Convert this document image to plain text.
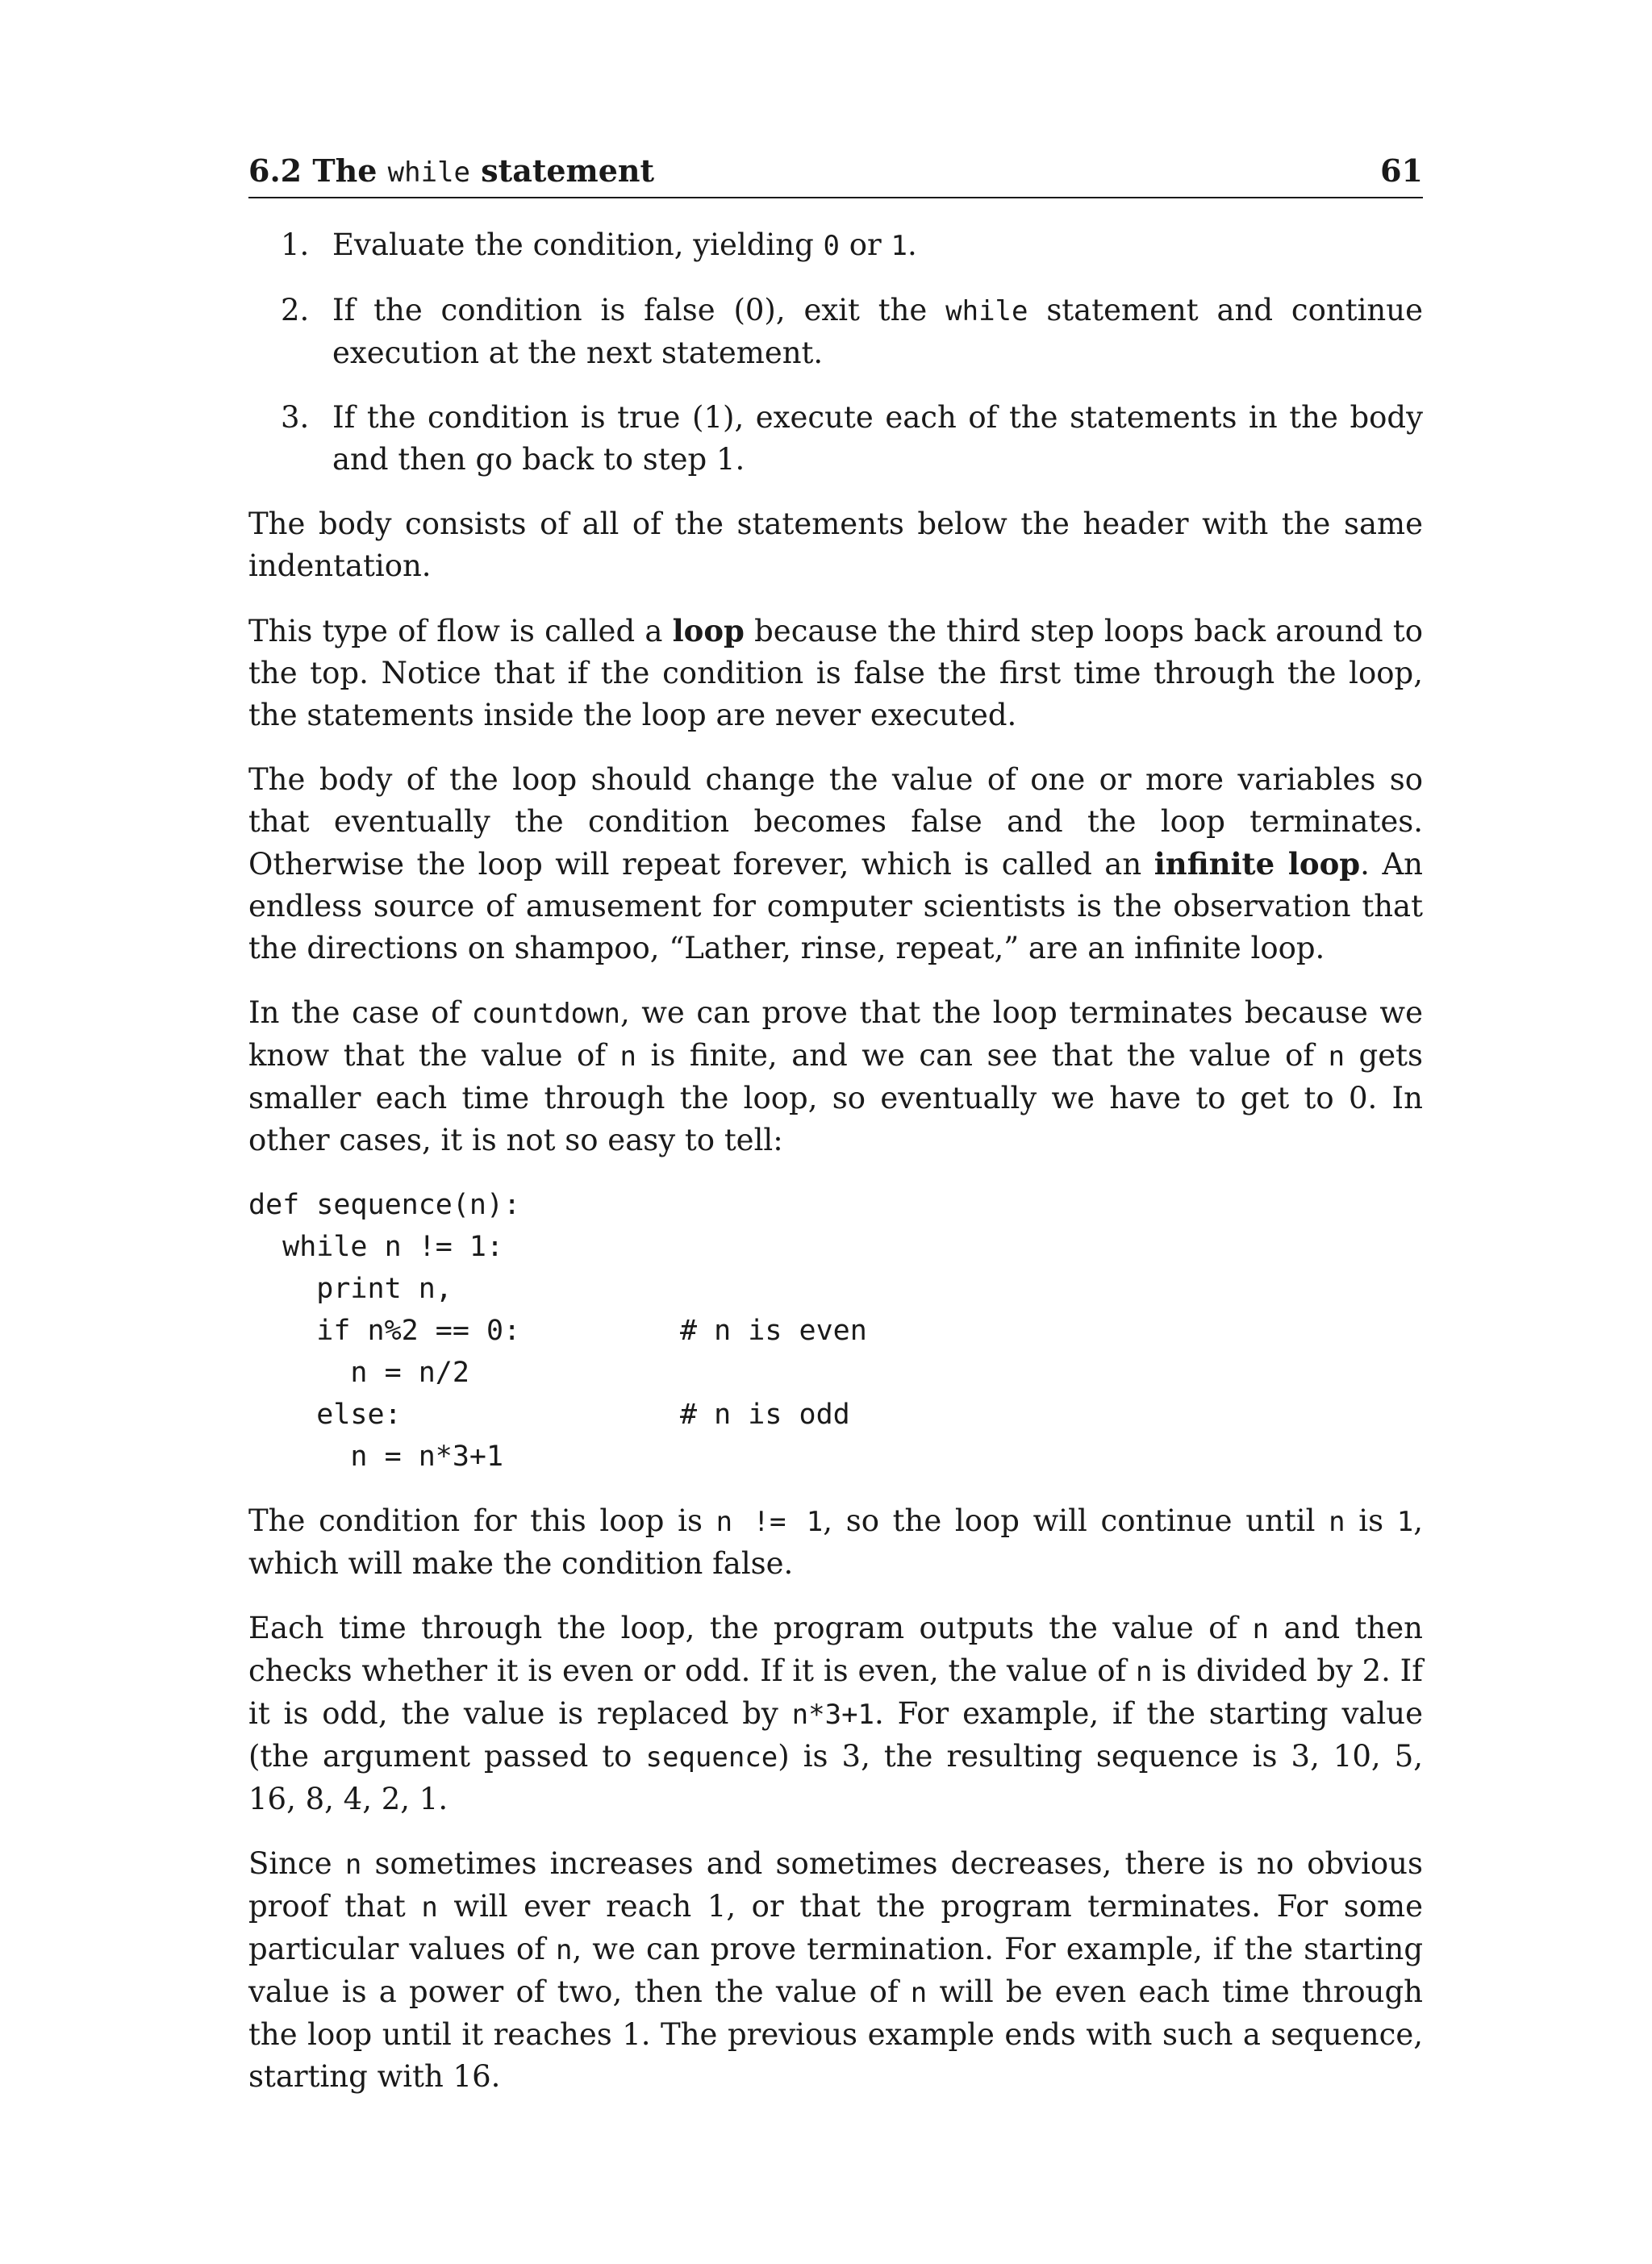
6.2 The while statement	61
1. Evaluate the condition, yielding 0 or 1.
2. If the condition is false (0), exit the while statement and continue execution at the next statement.
3. If the condition is true (1), execute each of the statements in the body and then go back to step 1.

The body consists of all of the statements below the header with the same indentation.

This type of flow is called a loop because the third step loops back around to the top. Notice that if the condition is false the first time through the loop, the statements inside the loop are never executed.

The body of the loop should change the value of one or more variables so that eventually the condition becomes false and the loop terminates. Otherwise the loop will repeat forever, which is called an infinite loop. An endless source of amusement for computer scientists is the observation that the directions on shampoo, “Lather, rinse, repeat,” are an infinite loop.

In the case of countdown, we can prove that the loop terminates because we know that the value of n is finite, and we can see that the value of n gets smaller each time through the loop, so eventually we have to get to 0. In other cases, it is not so easy to tell:

def sequence(n):
while n != 1:
print n,
if n%2 == 0:	# n is even
n = n/2
else:	# n is odd
n = n*3+1

The condition for this loop is n != 1, so the loop will continue until n is 1, which will make the condition false.

Each time through the loop, the program outputs the value of n and then checks whether it is even or odd. If it is even, the value of n is divided by 2. If it is odd, the value is replaced by n*3+1. For example, if the starting value (the argument passed to sequence) is 3, the resulting sequence is 3, 10, 5, 16, 8, 4, 2, 1.

Since n sometimes increases and sometimes decreases, there is no obvious proof that n will ever reach 1, or that the program terminates. For some particular values of n, we can prove termination. For example, if the starting value is a power of two, then the value of n will be even each time through the loop until it reaches 1. The previous example ends with such a sequence, starting with 16.
